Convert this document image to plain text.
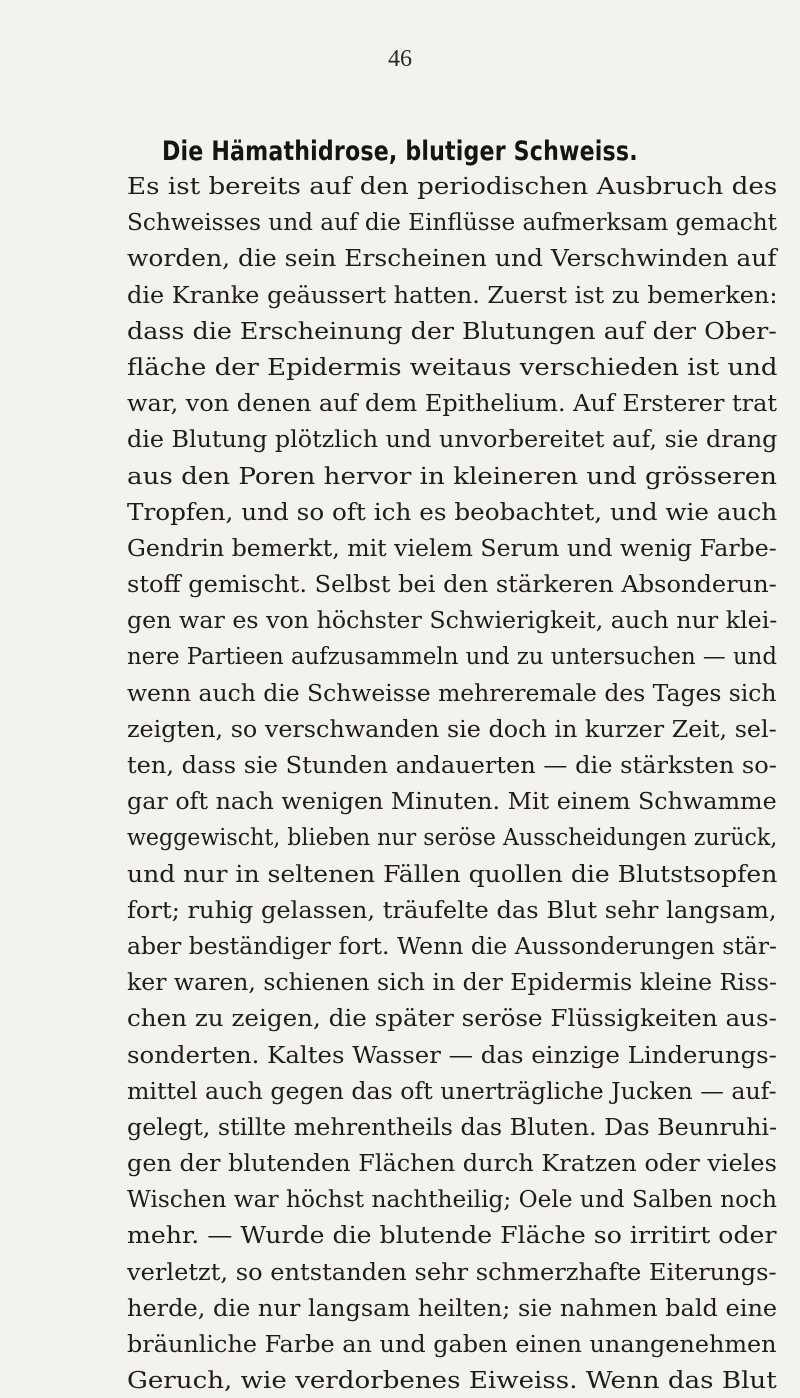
46
Die Hämathidrose, blutiger Schweiss.
Es ist bereits auf den periodischen Ausbruch des
Schweisses und auf die Einflüsse aufmerksam gemacht
worden, die sein Erscheinen und Verschwinden auf
die Kranke geäussert hatten. Zuerst ist zu bemerken:
dass die Erscheinung der Blutungen auf der Ober-
fläche der Epidermis weitaus verschieden ist und
war, von denen auf dem Epithelium. Auf Ersterer trat
die Blutung plötzlich und unvorbereitet auf, sie drang
aus den Poren hervor in kleineren und grösseren
Tropfen, und so oft ich es beobachtet, und wie auch
Gendrin bemerkt, mit vielem Serum und wenig Farbe-
stoff gemischt. Selbst bei den stärkeren Absonderun-
gen war es von höchster Schwierigkeit, auch nur klei-
nere Partieen aufzusammeln und zu untersuchen — und
wenn auch die Schweisse mehreremale des Tages sich
zeigten, so verschwanden sie doch in kurzer Zeit, sel-
ten, dass sie Stunden andauerten — die stärksten so-
gar oft nach wenigen Minuten. Mit einem Schwamme
weggewischt, blieben nur seröse Ausscheidungen zurück,
und nur in seltenen Fällen quollen die Blutstsopfen
fort; ruhig gelassen, träufelte das Blut sehr langsam,
aber beständiger fort. Wenn die Aussonderungen stär-
ker waren, schienen sich in der Epidermis kleine Riss-
chen zu zeigen, die später seröse Flüssigkeiten aus-
sonderten. Kaltes Wasser — das einzige Linderungs-
mittel auch gegen das oft unerträgliche Jucken — auf-
gelegt, stillte mehrentheils das Bluten. Das Beunruhi-
gen der blutenden Flächen durch Kratzen oder vieles
Wischen war höchst nachtheilig; Oele und Salben noch
mehr. — Wurde die blutende Fläche so irritirt oder
verletzt, so entstanden sehr schmerzhafte Eiterungs-
herde, die nur langsam heilten; sie nahmen bald eine
bräunliche Farbe an und gaben einen unangenehmen
Geruch, wie verdorbenes Eiweiss. Wenn das Blut
